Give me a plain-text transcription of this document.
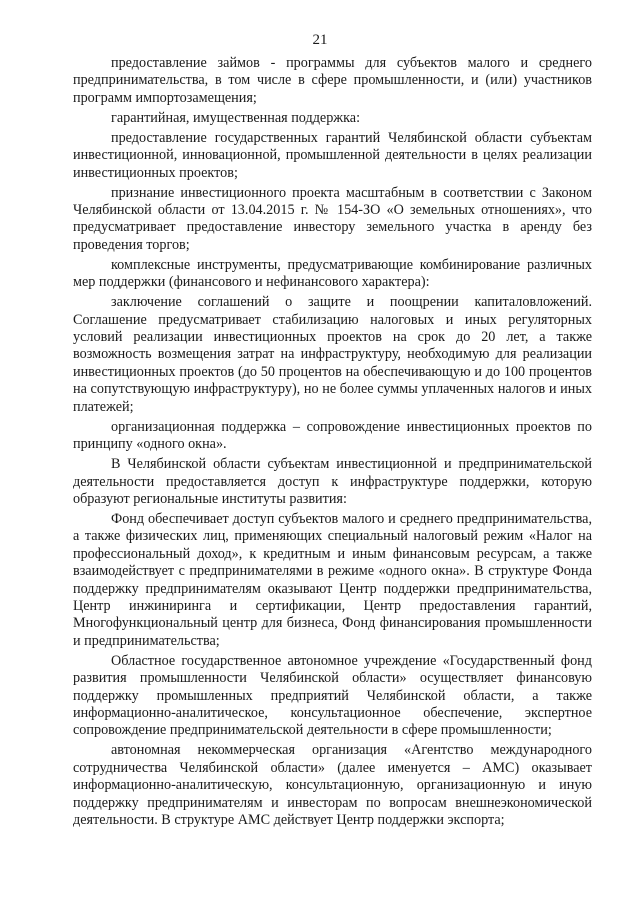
21

предоставление займов - программы для субъектов малого и среднего предпринимательства, в том числе в сфере промышленности, и (или) участников программ импортозамещения;

гарантийная, имущественная поддержка:

предоставление государственных гарантий Челябинской области субъектам инвестиционной, инновационной, промышленной деятельности в целях реализации инвестиционных проектов;

признание инвестиционного проекта масштабным в соответствии с Законом Челябинской области от 13.04.2015 г. № 154-ЗО «О земельных отношениях», что предусматривает предоставление инвестору земельного участка в аренду без проведения торгов;

комплексные инструменты, предусматривающие комбинирование различных мер поддержки (финансового и нефинансового характера):

заключение соглашений о защите и поощрении капиталовложений. Соглашение предусматривает стабилизацию налоговых и иных регуляторных условий реализации инвестиционных проектов на срок до 20 лет, а также возможность возмещения затрат на инфраструктуру, необходимую для реализации инвестиционных проектов (до 50 процентов на обеспечивающую и до 100 процентов на сопутствующую инфраструктуру), но не более суммы уплаченных налогов и иных платежей;

организационная поддержка – сопровождение инвестиционных проектов по принципу «одного окна».

В Челябинской области субъектам инвестиционной и предпринимательской деятельности предоставляется доступ к инфраструктуре поддержки, которую образуют региональные институты развития:

Фонд обеспечивает доступ субъектов малого и среднего предпринимательства, а также физических лиц, применяющих специальный налоговый режим «Налог на профессиональный доход», к кредитным и иным финансовым ресурсам, а также взаимодействует с предпринимателями в режиме «одного окна». В структуре Фонда поддержку предпринимателям оказывают Центр поддержки предпринимательства, Центр инжиниринга и сертификации, Центр предоставления гарантий, Многофункциональный центр для бизнеса, Фонд финансирования промышленности и предпринимательства;

Областное государственное автономное учреждение «Государственный фонд развития промышленности Челябинской области» осуществляет финансовую поддержку промышленных предприятий Челябинской области, а также информационно-аналитическое, консультационное обеспечение, экспертное сопровождение предпринимательской деятельности в сфере промышленности;

автономная некоммерческая организация «Агентство международного сотрудничества Челябинской области» (далее именуется – АМС) оказывает информационно-аналитическую, консультационную, организационную и иную поддержку предпринимателям и инвесторам по вопросам внешнеэкономической деятельности. В структуре АМС действует Центр поддержки экспорта;
